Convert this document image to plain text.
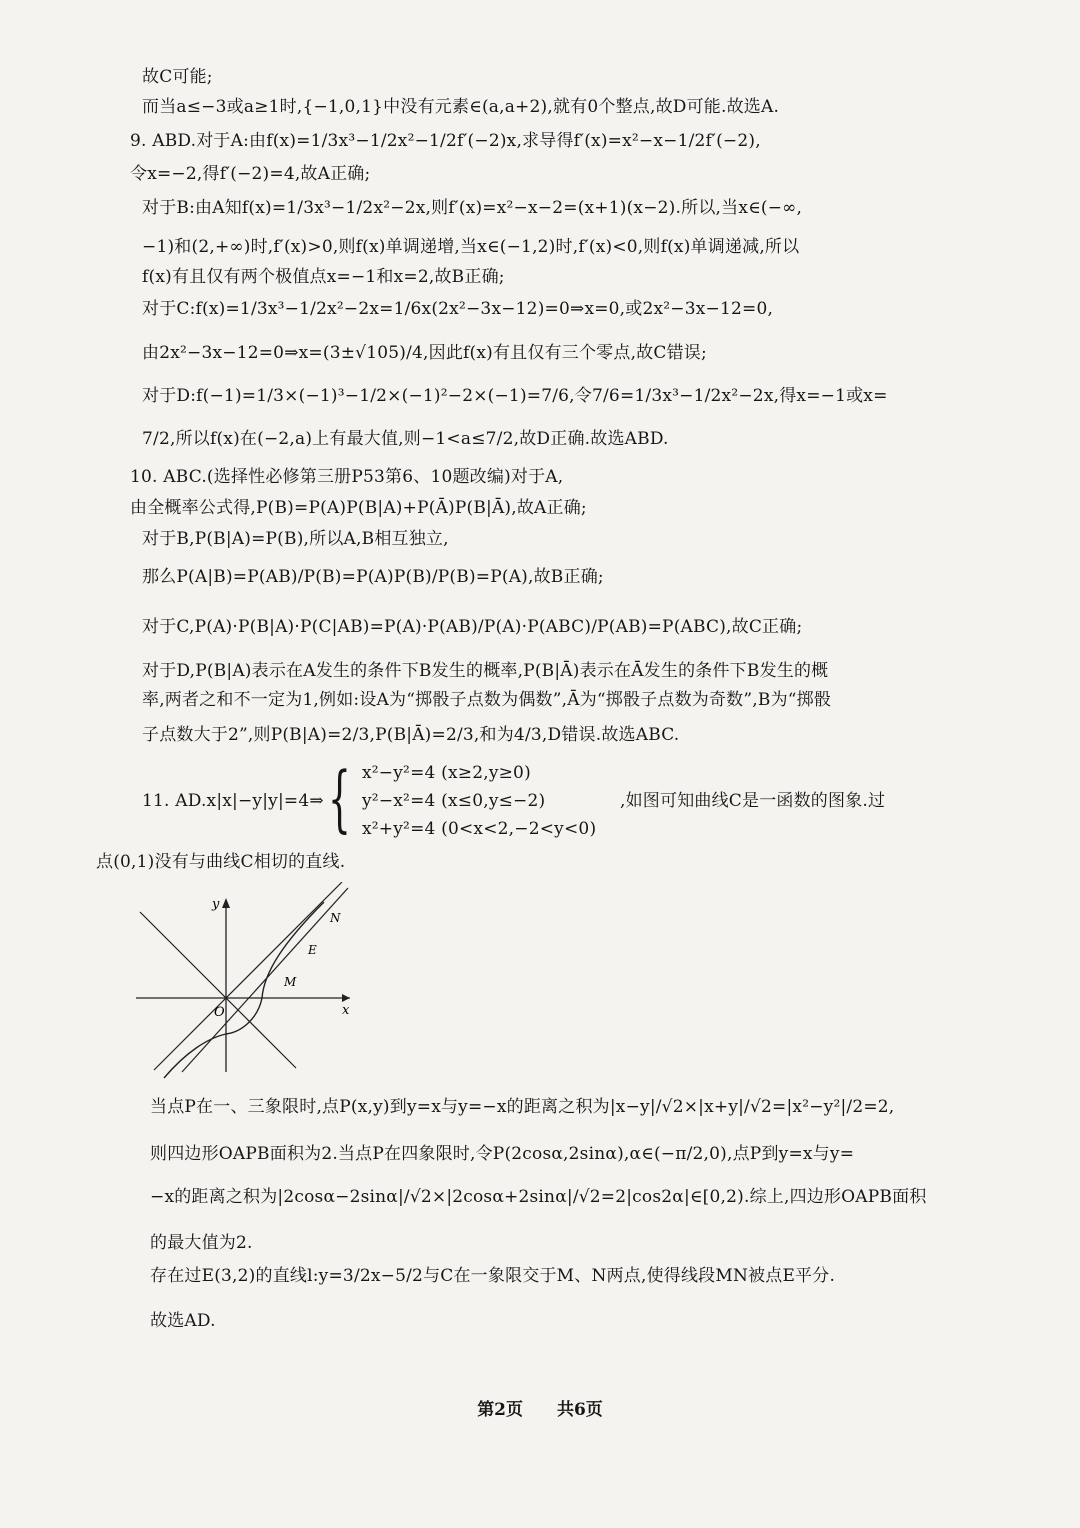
故C可能;
而当a≤−3或a≥1时,{−1,0,1}中没有元素∈(a,a+2),就有0个整点,故D可能.故选A.
9. ABD.对于A:由f(x)=1/3x³−1/2x²−1/2f′(−2)x,求导得f′(x)=x²−x−1/2f′(−2),
令x=−2,得f′(−2)=4,故A正确;
对于B:由A知f(x)=1/3x³−1/2x²−2x,则f′(x)=x²−x−2=(x+1)(x−2).所以,当x∈(−∞,
−1)和(2,+∞)时,f′(x)>0,则f(x)单调递增,当x∈(−1,2)时,f′(x)<0,则f(x)单调递减,所以
f(x)有且仅有两个极值点x=−1和x=2,故B正确;
对于C:f(x)=1/3x³−1/2x²−2x=1/6x(2x²−3x−12)=0⇒x=0,或2x²−3x−12=0,
由2x²−3x−12=0⇒x=(3±√105)/4,因此f(x)有且仅有三个零点,故C错误;
对于D:f(−1)=1/3×(−1)³−1/2×(−1)²−2×(−1)=7/6,令7/6=1/3x³−1/2x²−2x,得x=−1或x=
7/2,所以f(x)在(−2,a)上有最大值,则−1<a≤7/2,故D正确.故选ABD.
10. ABC.(选择性必修第三册P53第6、10题改编)对于A,
由全概率公式得,P(B)=P(A)P(B|A)+P(Ā)P(B|Ā),故A正确;
对于B,P(B|A)=P(B),所以A,B相互独立,
那么P(A|B)=P(AB)/P(B)=P(A)P(B)/P(B)=P(A),故B正确;
对于C,P(A)·P(B|A)·P(C|AB)=P(A)·P(AB)/P(A)·P(ABC)/P(AB)=P(ABC),故C正确;
对于D,P(B|A)表示在A发生的条件下B发生的概率,P(B|Ā)表示在Ā发生的条件下B发生的概
率,两者之和不一定为1,例如:设A为“掷骰子点数为偶数”,Ā为“掷骰子点数为奇数”,B为“掷骰
子点数大于2”,则P(B|A)=2/3,P(B|Ā)=2/3,和为4/3,D错误.故选ABC.
x²−y²=4 (x≥2,y≥0)
11. AD.x|x|−y|y|=4⇒ { y²−x²=4 (x≤0,y≤−2)	,如图可知曲线C是一函数的图象.过
x²+y²=4 (0<x<2,−2<y<0)
点(0,1)没有与曲线C相切的直线.
y
x
O
N
E
M
当点P在一、三象限时,点P(x,y)到y=x与y=−x的距离之积为|x−y|/√2×|x+y|/√2=|x²−y²|/2=2,
则四边形OAPB面积为2.当点P在四象限时,令P(2cosα,2sinα),α∈(−π/2,0),点P到y=x与y=
−x的距离之积为|2cosα−2sinα|/√2×|2cosα+2sinα|/√2=2|cos2α|∈[0,2).综上,四边形OAPB面积
的最大值为2.
存在过E(3,2)的直线l:y=3/2x−5/2与C在一象限交于M、N两点,使得线段MN被点E平分.
故选AD.
第2页 共6页
